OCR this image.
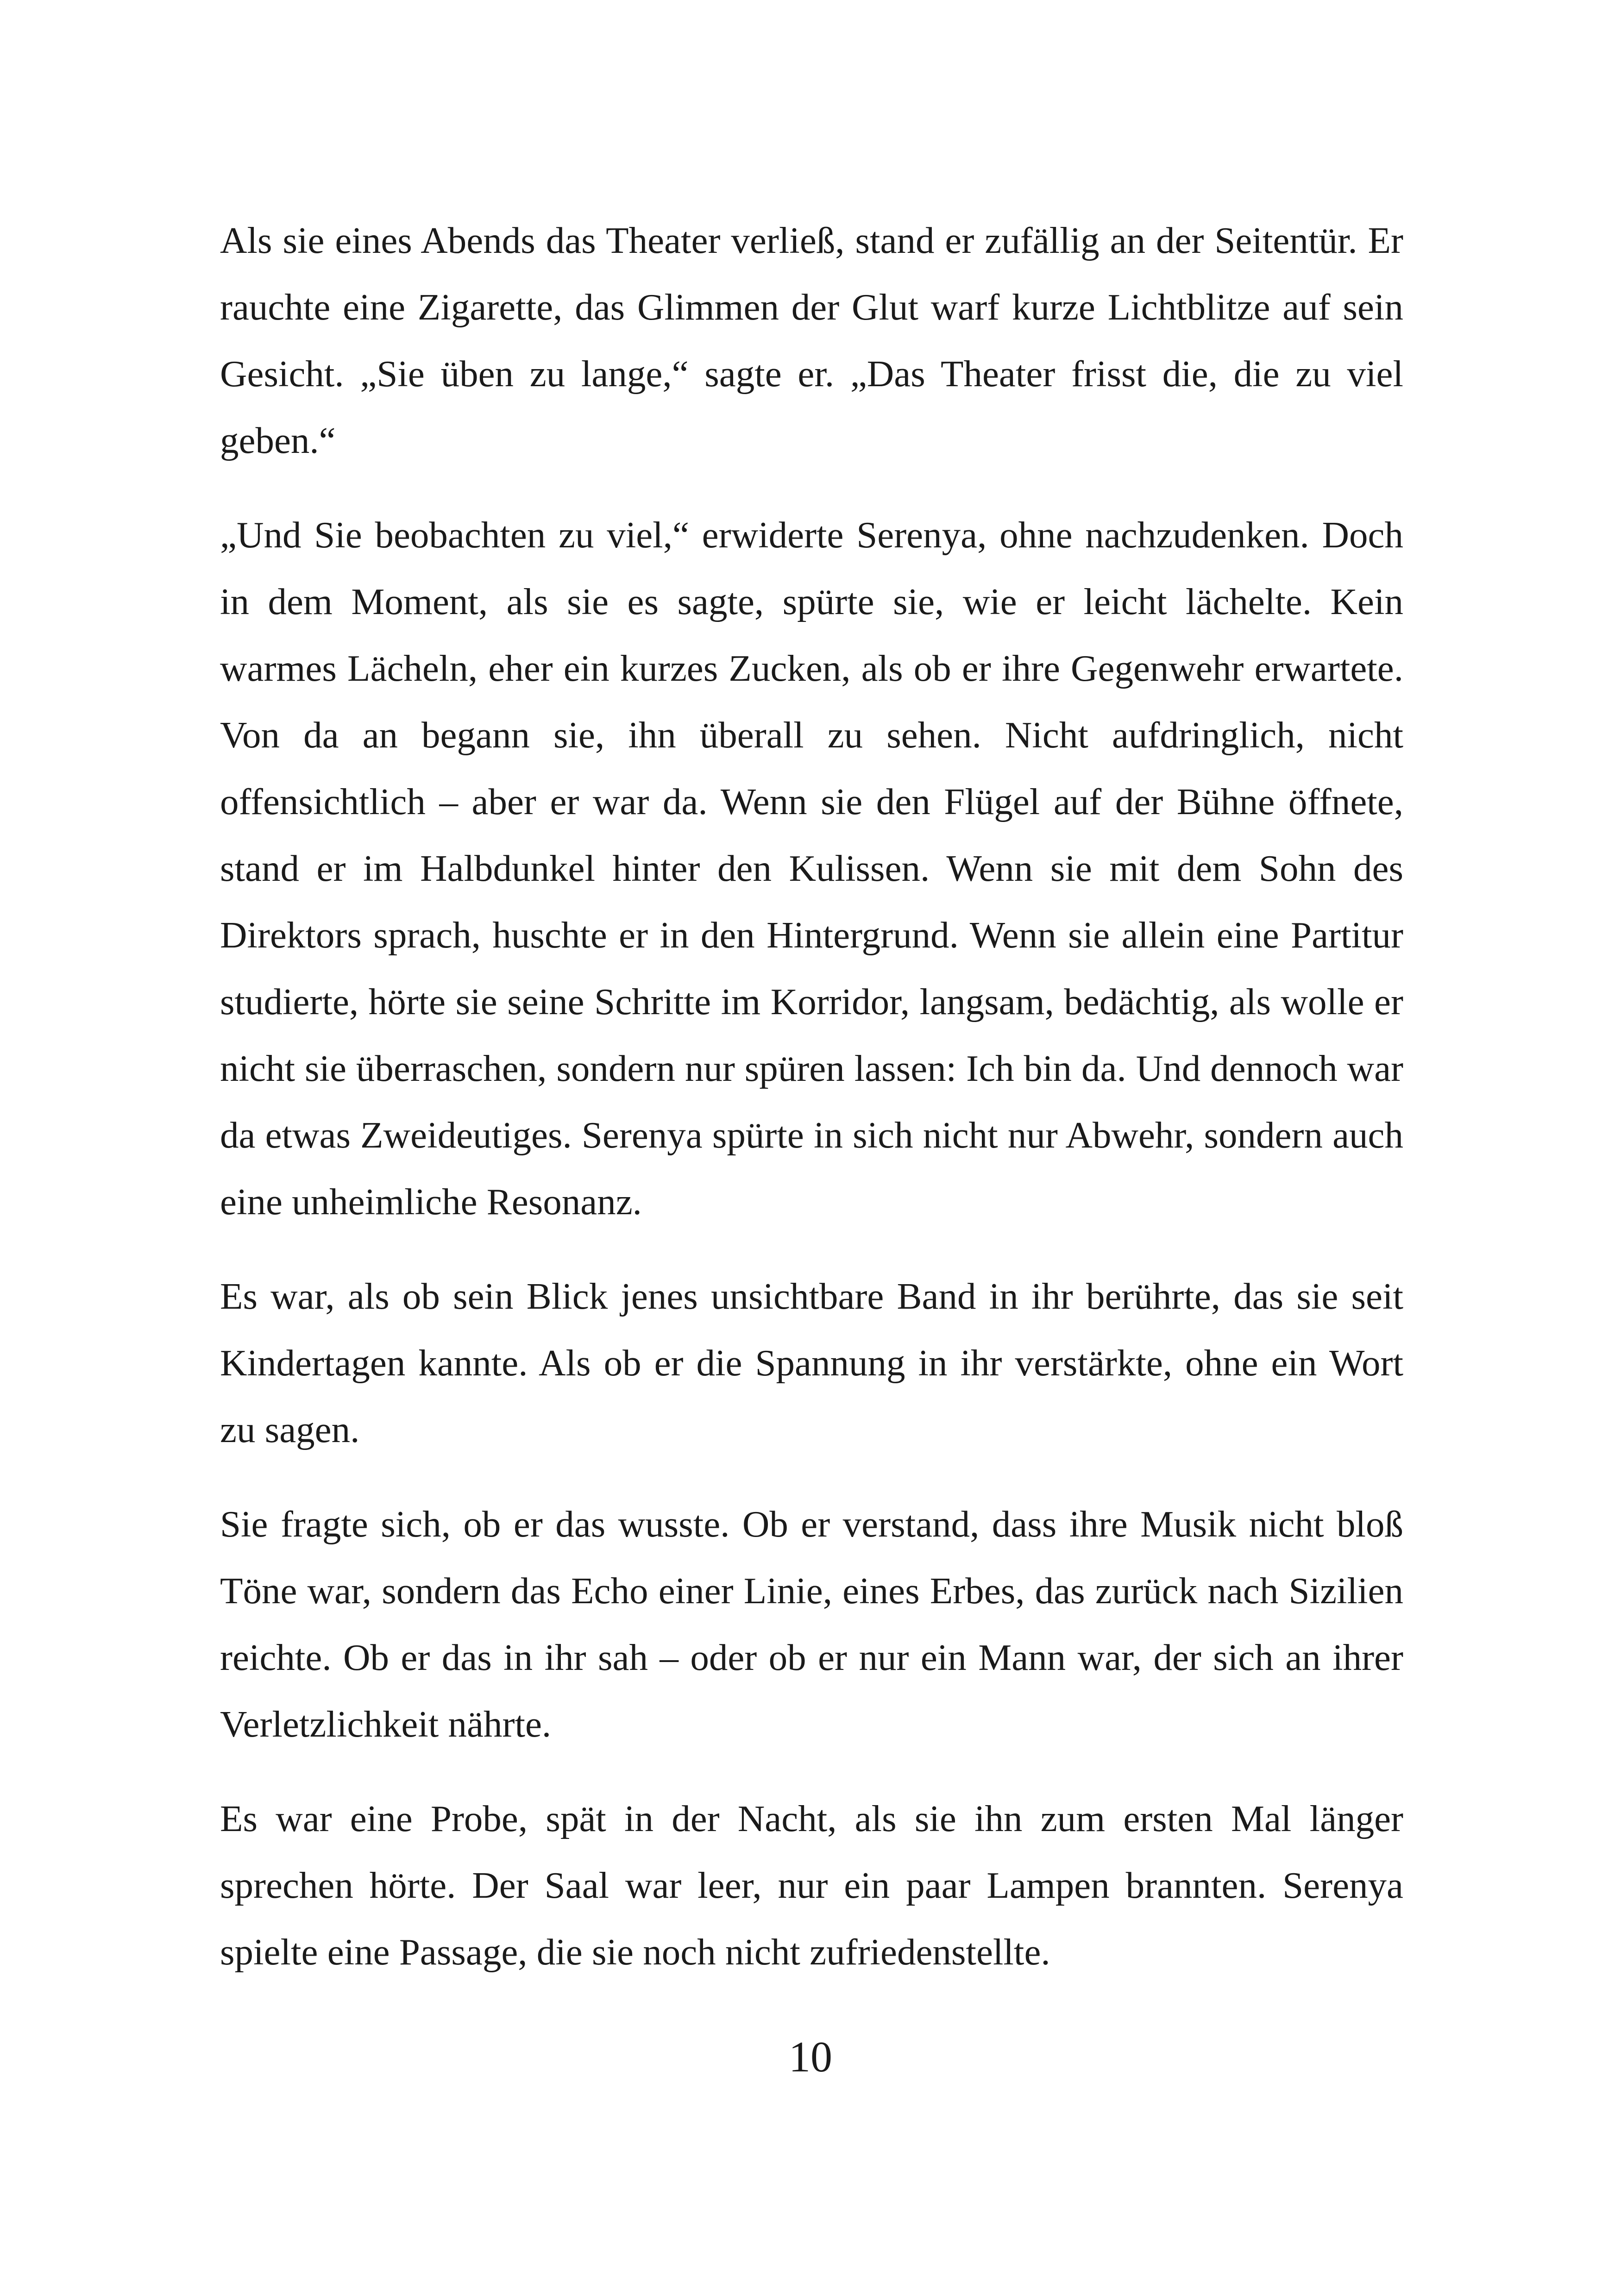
Als sie eines Abends das Theater verließ, stand er zufällig an der Seitentür. Er rauchte eine Zigarette, das Glimmen der Glut warf kurze Lichtblitze auf sein Gesicht. „Sie üben zu lange,“ sagte er. „Das Theater frisst die, die zu viel geben.“

„Und Sie beobachten zu viel,“ erwiderte Serenya, ohne nachzudenken. Doch in dem Moment, als sie es sagte, spürte sie, wie er leicht lächelte. Kein warmes Lächeln, eher ein kurzes Zucken, als ob er ihre Gegenwehr erwartete. Von da an begann sie, ihn überall zu sehen. Nicht aufdringlich, nicht offensichtlich – aber er war da. Wenn sie den Flügel auf der Bühne öffnete, stand er im Halbdunkel hinter den Kulissen. Wenn sie mit dem Sohn des Direktors sprach, huschte er in den Hintergrund. Wenn sie allein eine Partitur studierte, hörte sie seine Schritte im Korridor, langsam, bedächtig, als wolle er nicht sie überraschen, sondern nur spüren lassen: Ich bin da. Und dennoch war da etwas Zweideutiges. Serenya spürte in sich nicht nur Abwehr, sondern auch eine unheimliche Resonanz.

Es war, als ob sein Blick jenes unsichtbare Band in ihr berührte, das sie seit Kindertagen kannte. Als ob er die Spannung in ihr verstärkte, ohne ein Wort zu sagen.

Sie fragte sich, ob er das wusste. Ob er verstand, dass ihre Musik nicht bloß Töne war, sondern das Echo einer Linie, eines Erbes, das zurück nach Sizilien reichte. Ob er das in ihr sah – oder ob er nur ein Mann war, der sich an ihrer Verletzlichkeit nährte.

Es war eine Probe, spät in der Nacht, als sie ihn zum ersten Mal länger sprechen hörte. Der Saal war leer, nur ein paar Lampen brannten. Serenya spielte eine Passage, die sie noch nicht zufriedenstellte.

10
